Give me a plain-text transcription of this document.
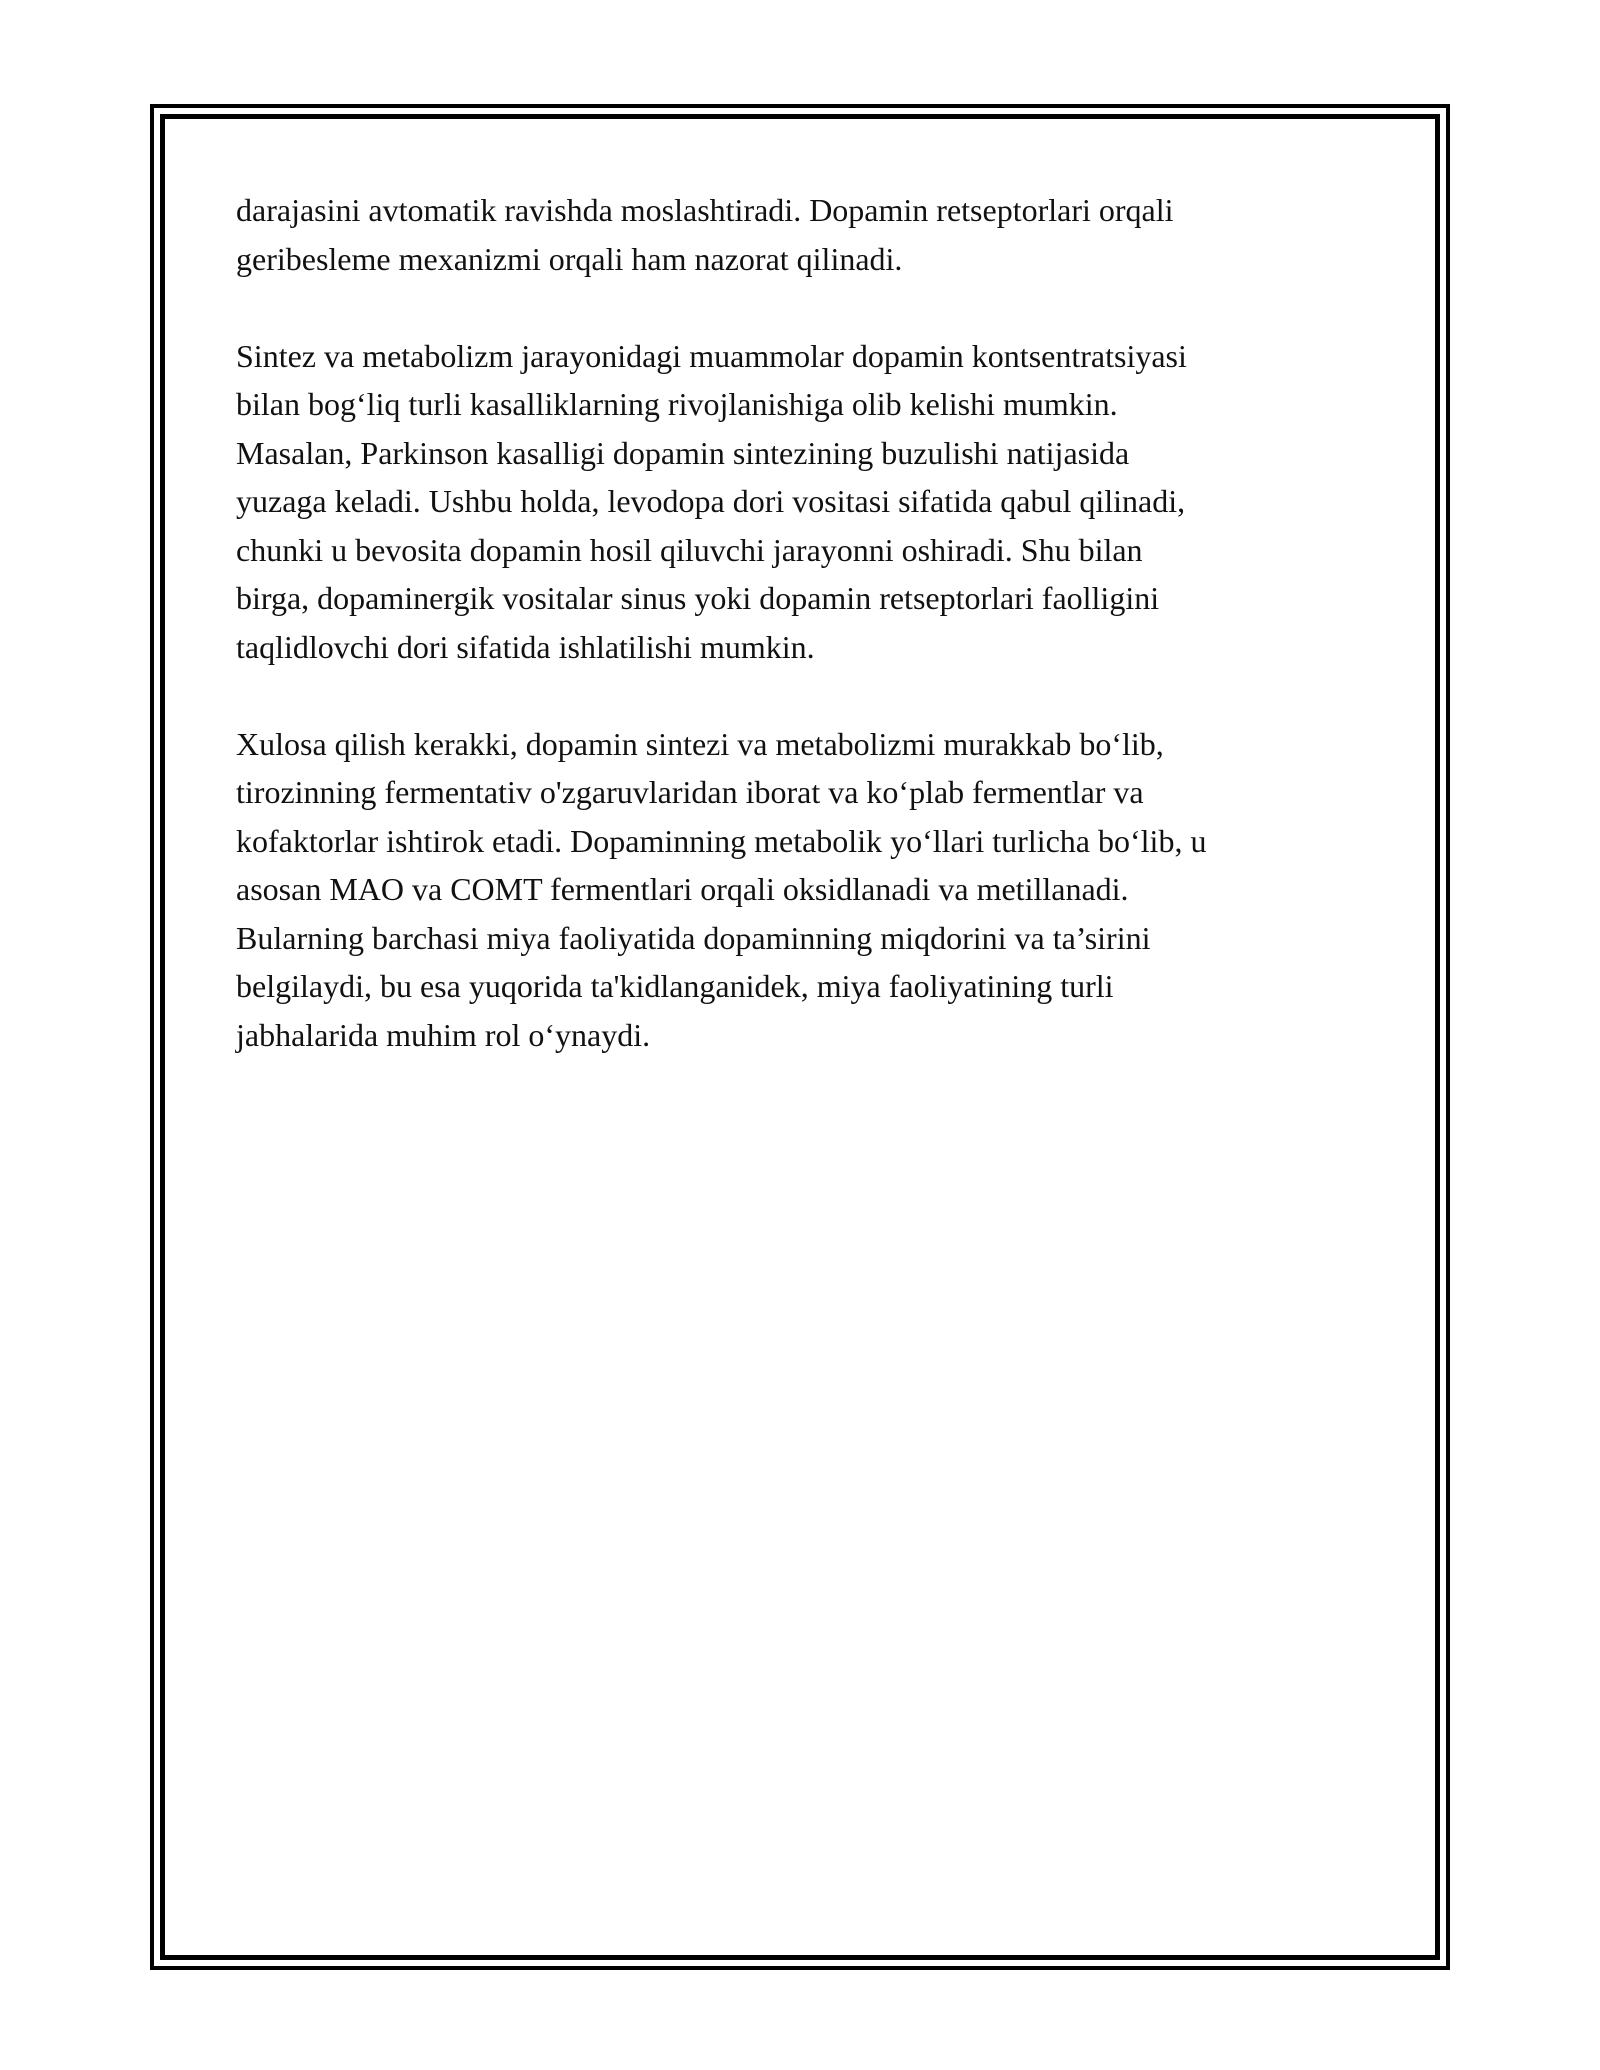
darajasini avtomatik ravishda moslashtiradi. Dopamin retseptorlari orqali
geribesleme mexanizmi orqali ham nazorat qilinadi.

Sintez va metabolizm jarayonidagi muammolar dopamin kontsentratsiyasi
bilan bog‘liq turli kasalliklarning rivojlanishiga olib kelishi mumkin.
Masalan, Parkinson kasalligi dopamin sintezining buzulishi natijasida
yuzaga keladi. Ushbu holda, levodopa dori vositasi sifatida qabul qilinadi,
chunki u bevosita dopamin hosil qiluvchi jarayonni oshiradi. Shu bilan
birga, dopaminergik vositalar sinus yoki dopamin retseptorlari faolligini
taqlidlovchi dori sifatida ishlatilishi mumkin.

Xulosa qilish kerakki, dopamin sintezi va metabolizmi murakkab bo‘lib,
tirozinning fermentativ o'zgaruvlaridan iborat va ko‘plab fermentlar va
kofaktorlar ishtirok etadi. Dopaminning metabolik yo‘llari turlicha bo‘lib, u
asosan MAO va COMT fermentlari orqali oksidlanadi va metillanadi.
Bularning barchasi miya faoliyatida dopaminning miqdorini va ta’sirini
belgilaydi, bu esa yuqorida ta'kidlanganidek, miya faoliyatining turli
jabhalarida muhim rol o‘ynaydi.
